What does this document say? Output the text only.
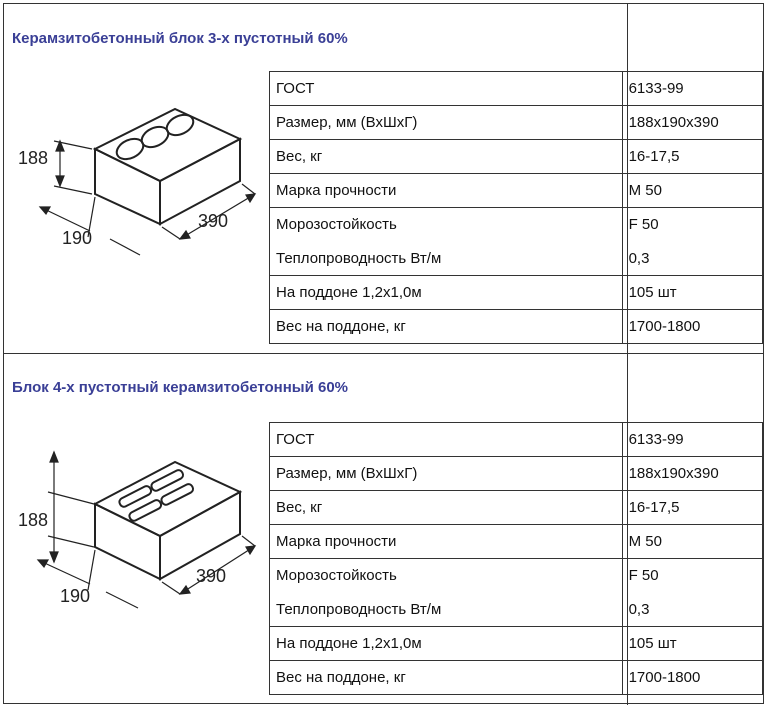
Керамзитобетонный блок 3-х пустотный 60%
188
190
390
ГОСТ	6133-99
Размер, мм (ВхШхГ)	188х190х390
Вес, кг	16-17,5
Марка прочности	М 50
Морозостойкость	F 50
Теплопроводность Вт/м	0,3
На поддоне 1,2х1,0м	105 шт
Вес на поддоне, кг	1700-1800
Блок 4-х пустотный керамзитобетонный 60%
188
190
390
ГОСТ	6133-99
Размер, мм (ВхШхГ)	188х190х390
Вес, кг	16-17,5
Марка прочности	М 50
Морозостойкость	F 50
Теплопроводность Вт/м	0,3
На поддоне 1,2х1,0м	105 шт
Вес на поддоне, кг	1700-1800
